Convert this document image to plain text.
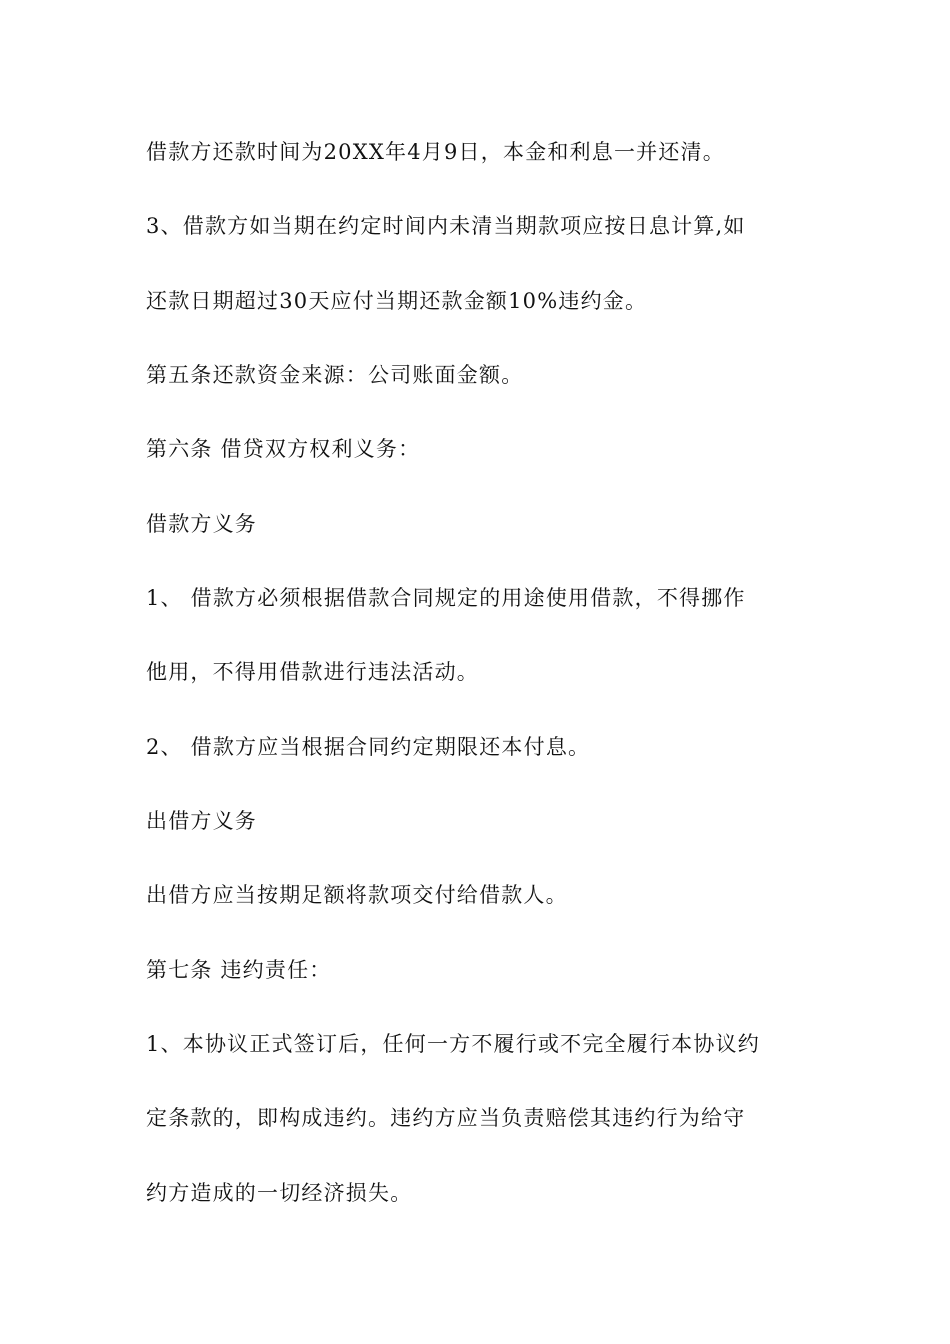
借款方还款时间为20XX年4月9日，本金和利息一并还清。
3、借款方如当期在约定时间内未清当期款项应按日息计算,如
还款日期超过30天应付当期还款金额10%违约金。
第五条还款资金来源：公司账面金额。
第六条 借贷双方权利义务：
借款方义务
1、 借款方必须根据借款合同规定的用途使用借款，不得挪作
他用，不得用借款进行违法活动。
2、 借款方应当根据合同约定期限还本付息。
出借方义务
出借方应当按期足额将款项交付给借款人。
第七条 违约责任：
1、本协议正式签订后，任何一方不履行或不完全履行本协议约
定条款的，即构成违约。违约方应当负责赔偿其违约行为给守
约方造成的一切经济损失。
